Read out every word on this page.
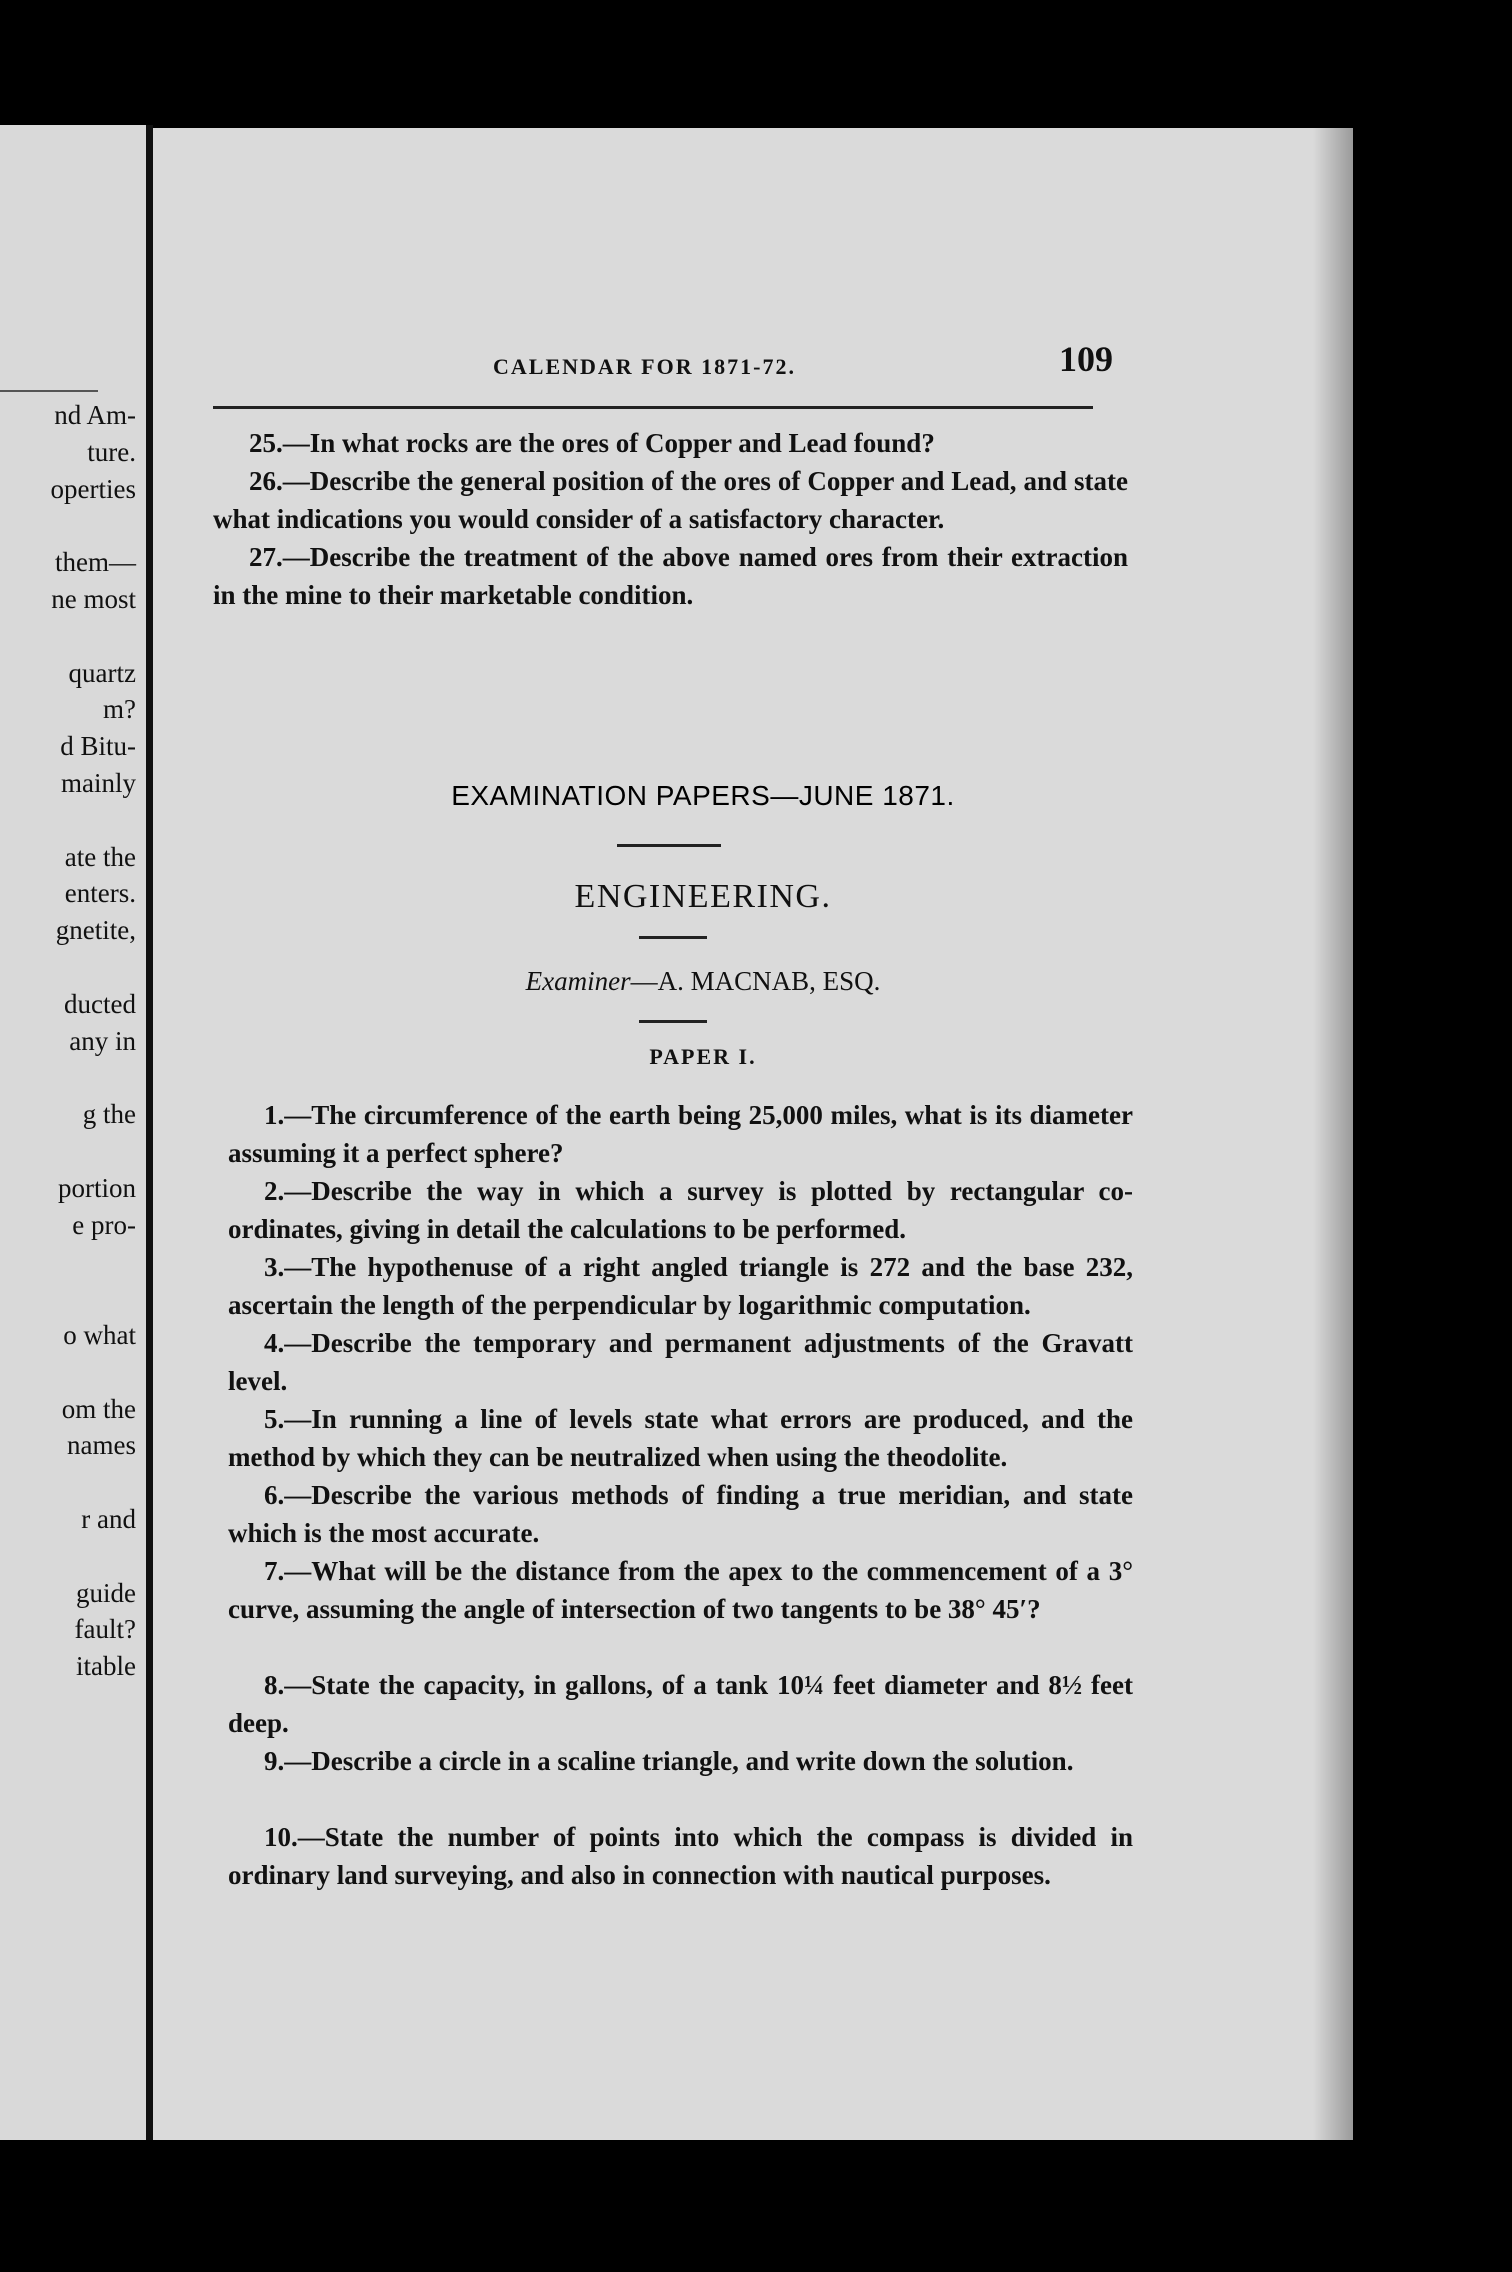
nd Am-
ture.
operties
them—
ne most
quartz
m?
d Bitu-
mainly
ate the
enters.
gnetite,
ducted
any in
g the
portion
e pro-
o what
om the
names
r and
guide
fault?
itable
CALENDAR FOR 1871-72.	109
25.—In what rocks are the ores of Copper and Lead found?
26.—Describe the general position of the ores of Copper and Lead, and state what indications you would consider of a satisfactory character.
27.—Describe the treatment of the above named ores from their extraction in the mine to their marketable condition.
EXAMINATION PAPERS—JUNE 1871.
ENGINEERING.
Examiner—A. MACNAB, ESQ.
PAPER I.
1.—The circumference of the earth being 25,000 miles, what is its diameter assuming it a perfect sphere?
2.—Describe the way in which a survey is plotted by rectangular co-ordinates, giving in detail the calculations to be performed.
3.—The hypothenuse of a right angled triangle is 272 and the base 232, ascertain the length of the perpendicular by logarithmic computation.
4.—Describe the temporary and permanent adjustments of the Gravatt level.
5.—In running a line of levels state what errors are produced, and the method by which they can be neutralized when using the theodolite.
6.—Describe the various methods of finding a true meridian, and state which is the most accurate.
7.—What will be the distance from the apex to the commencement of a 3° curve, assuming the angle of intersection of two tangents to be 38° 45′?
8.—State the capacity, in gallons, of a tank 10¼ feet diameter and 8½ feet deep.
9.—Describe a circle in a scaline triangle, and write down the solution.
10.—State the number of points into which the compass is divided in ordinary land surveying, and also in connection with nautical purposes.
